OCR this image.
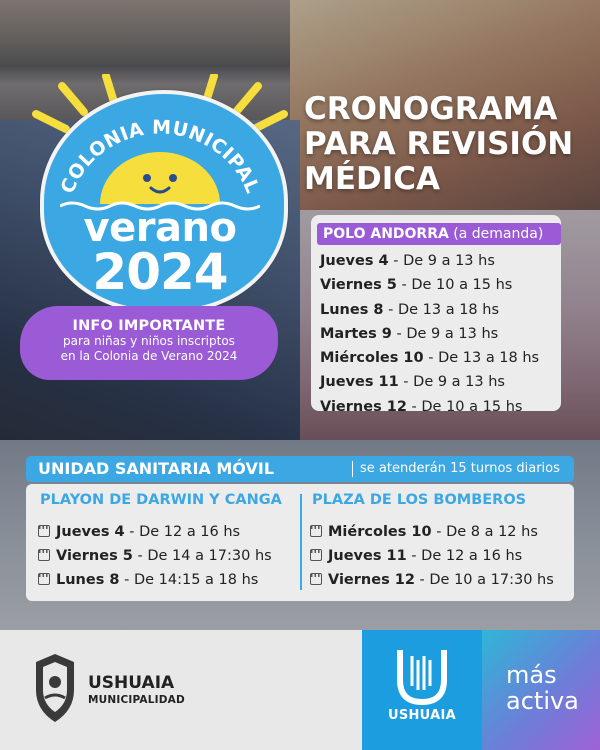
COLONIA MUNICIPAL
verano
2024
INFO IMPORTANTE
para niñas y niños inscriptos
en la Colonia de Verano 2024
CRONOGRAMA
PARA REVISIÓN
MÉDICA
POLO ANDORRA (a demanda)
Jueves 4 - De 9 a 13 hs
Viernes 5 - De 10 a 15 hs
Lunes 8 - De 13 a 18 hs
Martes 9 - De 9 a 13 hs
Miércoles 10 - De 13 a 18 hs
Jueves 11 - De 9 a 13 hs
Viernes 12 - De 10 a 15 hs
UNIDAD SANITARIA MÓVIL	se atenderán 15 turnos diarios
PLAYON DE DARWIN Y CANGA
Jueves 4 - De 12 a 16 hs
Viernes 5 - De 14 a 17:30 hs
Lunes 8 - De 14:15 a 18 hs
PLAZA DE LOS BOMBEROS
Miércoles 10 - De 8 a 12 hs
Jueves 11 - De 12 a 16 hs
Viernes 12 - De 10 a 17:30 hs
USHUAIA
MUNICIPALIDAD
USHUAIA
más
activa
